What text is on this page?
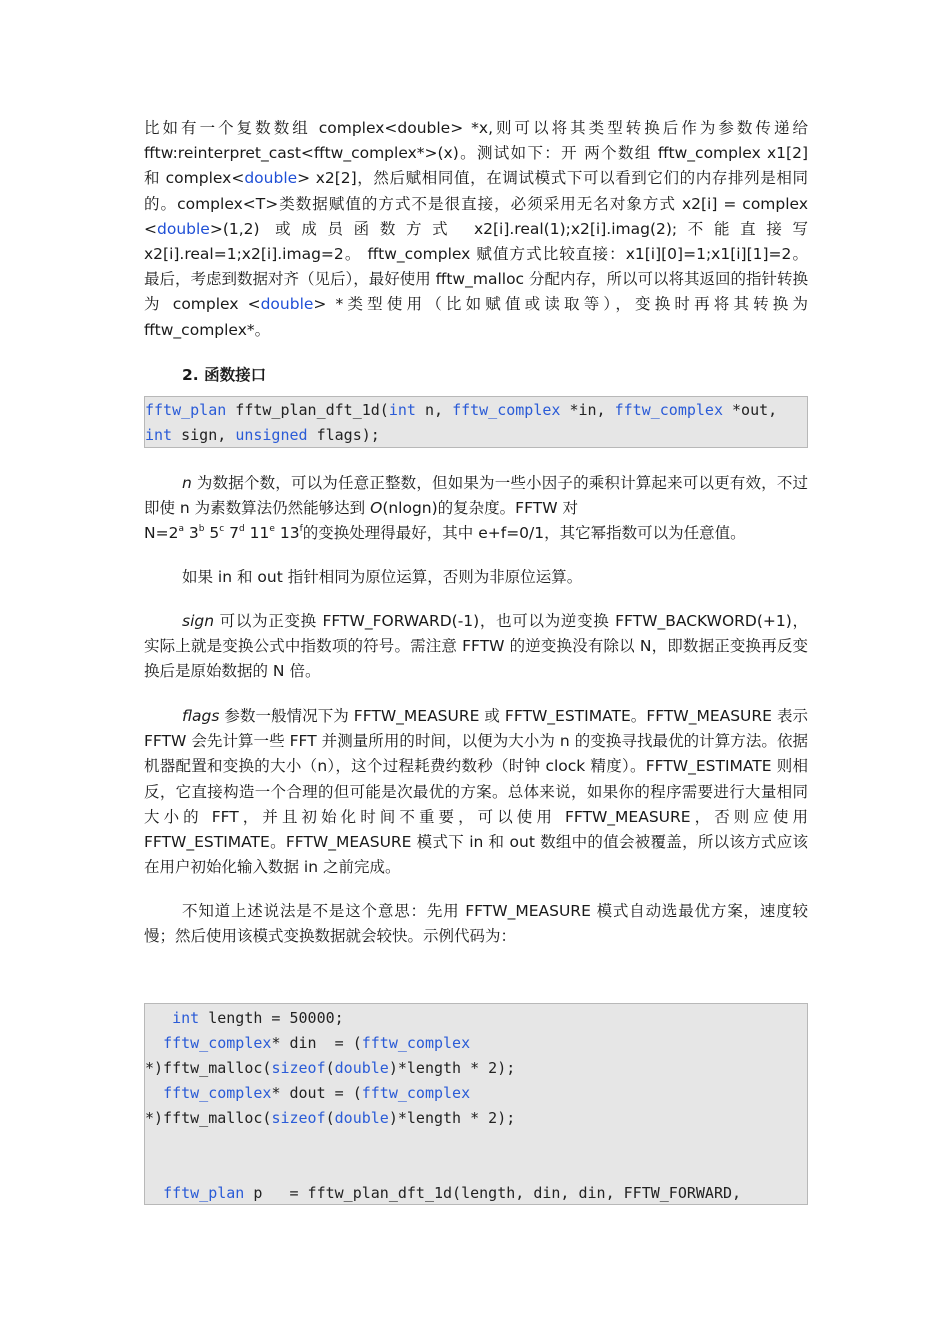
比如有一个复数数组 complex<double> *x,则可以将其类型转换后作为参数传递给 fftw:reinterpret_cast<fftw_complex*>(x)。测试如下：开 两个数组 fftw_complex x1[2] 和 complex<double> x2[2]，然后赋相同值，在调试模式下可以看到它们的内存排列是相同的。complex<T>类数据赋值的方式不是很直接，必须采用无名对象方式 x2[i] = complex <double>(1,2) 或成员函数方式 x2[i].real(1);x2[i].imag(2);不能直接写 x2[i].real=1;x2[i].imag=2。 fftw_complex 赋值方式比较直接：x1[i][0]=1;x1[i][1]=2。最后，考虑到数据对齐（见后），最好使用 fftw_malloc 分配内存，所以可以将其返回的指针转换为 complex <double> *类型使用（比如赋值或读取等），变换时再将其转换为 fftw_complex*。

2. 函数接口

fftw_plan fftw_plan_dft_1d(int n, fftw_complex *in, fftw_complex *out,
int sign, unsigned flags);

n 为数据个数，可以为任意正整数，但如果为一些小因子的乘积计算起来可以更有效，不过即使 n 为素数算法仍然能够达到 O(nlogn)的复杂度。FFTW 对
$N=2^a$ 3$^b$ 5$^c$ 7$^d$ 11e 13$^f$的变换处理得最好，其中 e+f=0/1，其它幂指数可以为任意值。

如果 in 和 out 指针相同为原位运算，否则为非原位运算。

sign 可以为正变换 FFTW_FORWARD(-1)，也可以为逆变换 FFTW_BACKWORD(+1)，实际上就是变换公式中指数项的符号。需注意 FFTW 的逆变换没有除以 N，即数据正变换再反变换后是原始数据的 N 倍。

flags 参数一般情况下为 FFTW_MEASURE 或 FFTW_ESTIMATE。FFTW_MEASURE 表示 FFTW 会先计算一些 FFT 并测量所用的时间，以便为大小为 n 的变换寻找最优的计算方法。依据 机器配置和变换的大小（n），这个过程耗费约数秒（时钟 clock 精度）。FFTW_ESTIMATE 则相反，它直接构造一个合理的但可能是次最优的方案。总体来说，如果你的程序需要进行大量相同大小的 FFT，并且初始化时间不重要，可以使用 FFTW_MEASURE，否则应使用 FFTW_ESTIMATE。FFTW_MEASURE 模式下 in 和 out 数组中的值会被覆盖，所以该方式应该在用户初始化输入数据 in 之前完成。

不知道上述说法是不是这个意思：先用 FFTW_MEASURE 模式自动选最优方案，速度较慢；然后使用该模式变换数据就会较快。示例代码为：

int length = 50000;
fftw_complex* din  = (fftw_complex
*)fftw_malloc(sizeof(double)*length * 2);
fftw_complex* dout = (fftw_complex
*)fftw_malloc(sizeof(double)*length * 2);

fftw_plan p   = fftw_plan_dft_1d(length, din, din, FFTW_FORWARD,
